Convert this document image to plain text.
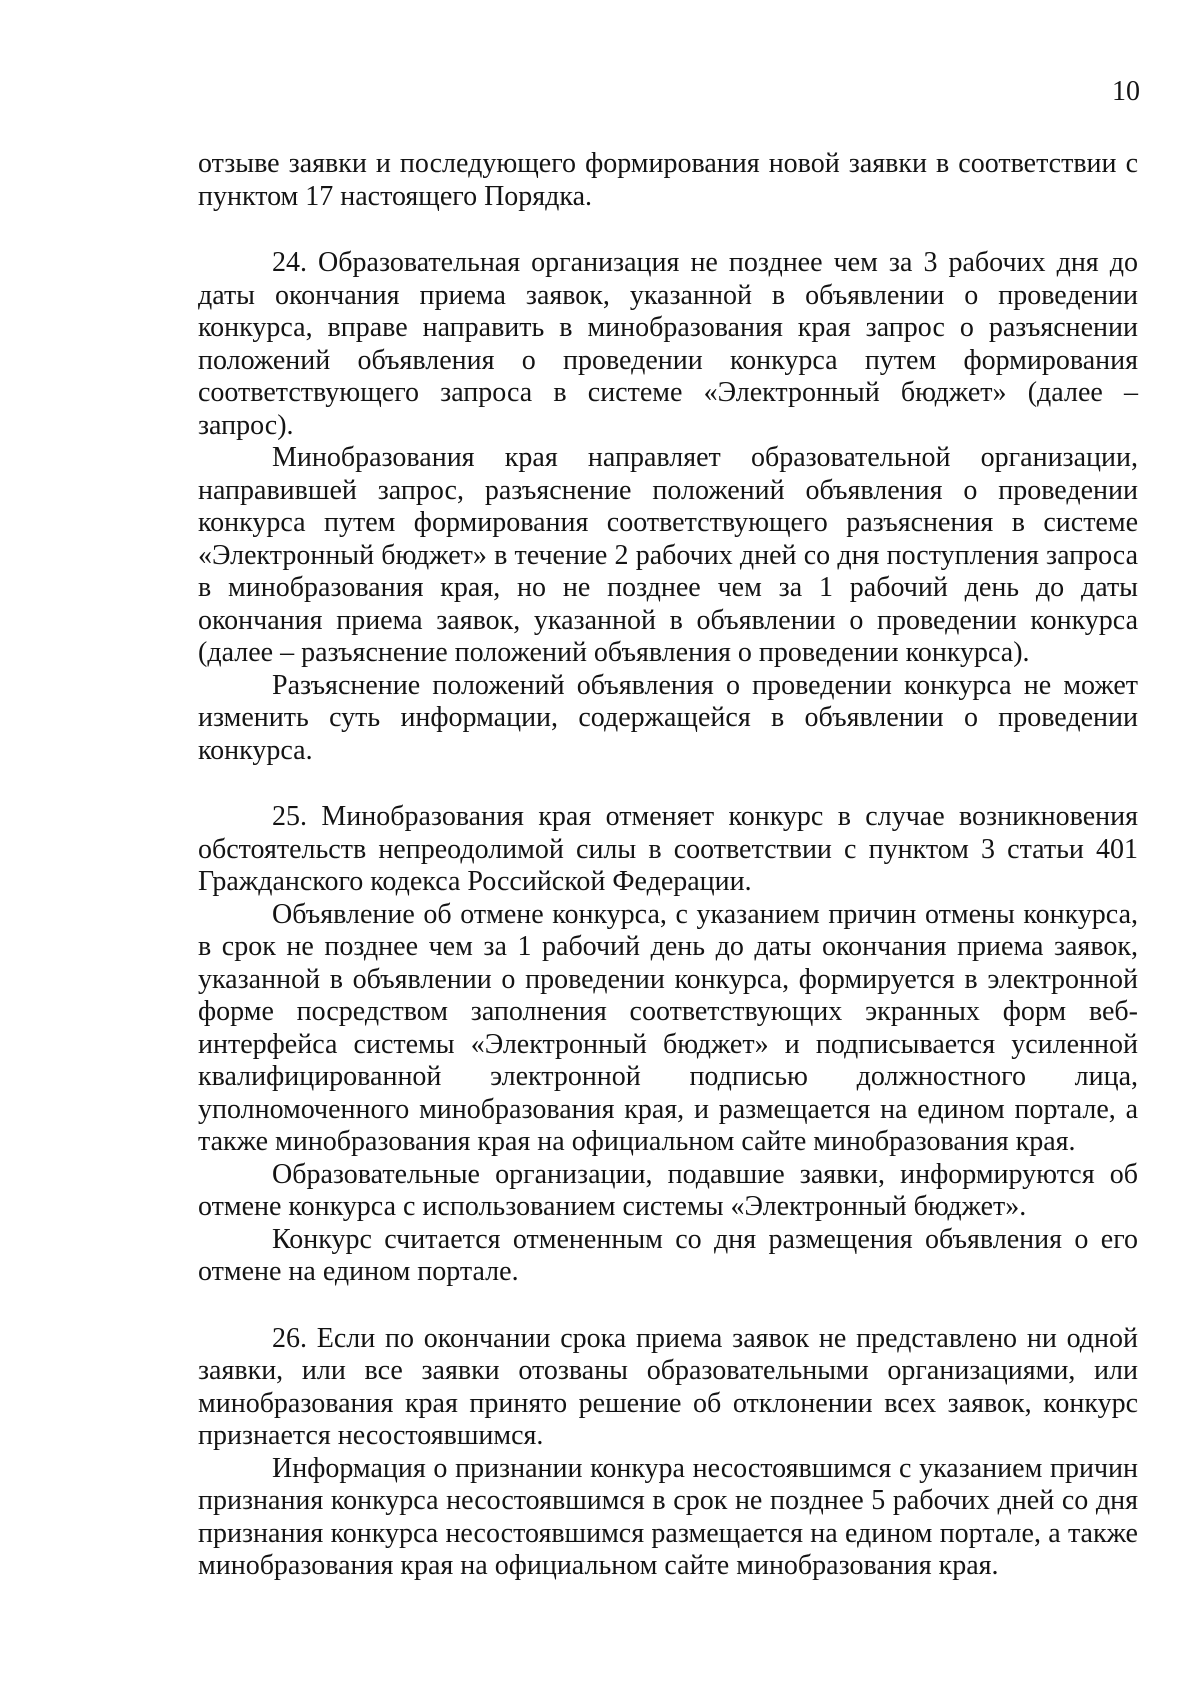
10

отзыве заявки и последующего формирования новой заявки в соответствии с пунктом 17 настоящего Порядка.

24. Образовательная организация не позднее чем за 3 рабочих дня до даты окончания приема заявок, указанной в объявлении о проведении конкурса, вправе направить в минобразования края запрос о разъяснении положений объявления о проведении конкурса путем формирования соответствующего запроса в системе «Электронный бюджет» (далее – запрос).

Минобразования края направляет образовательной организации, направившей запрос, разъяснение положений объявления о проведении конкурса путем формирования соответствующего разъяснения в системе «Электронный бюджет» в течение 2 рабочих дней со дня поступления запроса в минобразования края, но не позднее чем за 1 рабочий день до даты окончания приема заявок, указанной в объявлении о проведении конкурса (далее – разъяснение положений объявления о проведении конкурса).

Разъяснение положений объявления о проведении конкурса не может изменить суть информации, содержащейся в объявлении о проведении конкурса.

25. Минобразования края отменяет конкурс в случае возникновения обстоятельств непреодолимой силы в соответствии с пунктом 3 статьи 401 Гражданского кодекса Российской Федерации.

Объявление об отмене конкурса, с указанием причин отмены конкурса, в срок не позднее чем за 1 рабочий день до даты окончания приема заявок, указанной в объявлении о проведении конкурса, формируется в электронной форме посредством заполнения соответствующих экранных форм веб-интерфейса системы «Электронный бюджет» и подписывается усиленной квалифицированной электронной подписью должностного лица, уполномоченного минобразования края, и размещается на едином портале, а также минобразования края на официальном сайте минобразования края.

Образовательные организации, подавшие заявки, информируются об отмене конкурса с использованием системы «Электронный бюджет».

Конкурс считается отмененным со дня размещения объявления о его отмене на едином портале.

26. Если по окончании срока приема заявок не представлено ни одной заявки, или все заявки отозваны образовательными организациями, или минобразования края принято решение об отклонении всех заявок, конкурс признается несостоявшимся.

Информация о признании конкура несостоявшимся с указанием причин признания конкурса несостоявшимся в срок не позднее 5 рабочих дней со дня признания конкурса несостоявшимся размещается на едином портале, а также минобразования края на официальном сайте минобразования края.
